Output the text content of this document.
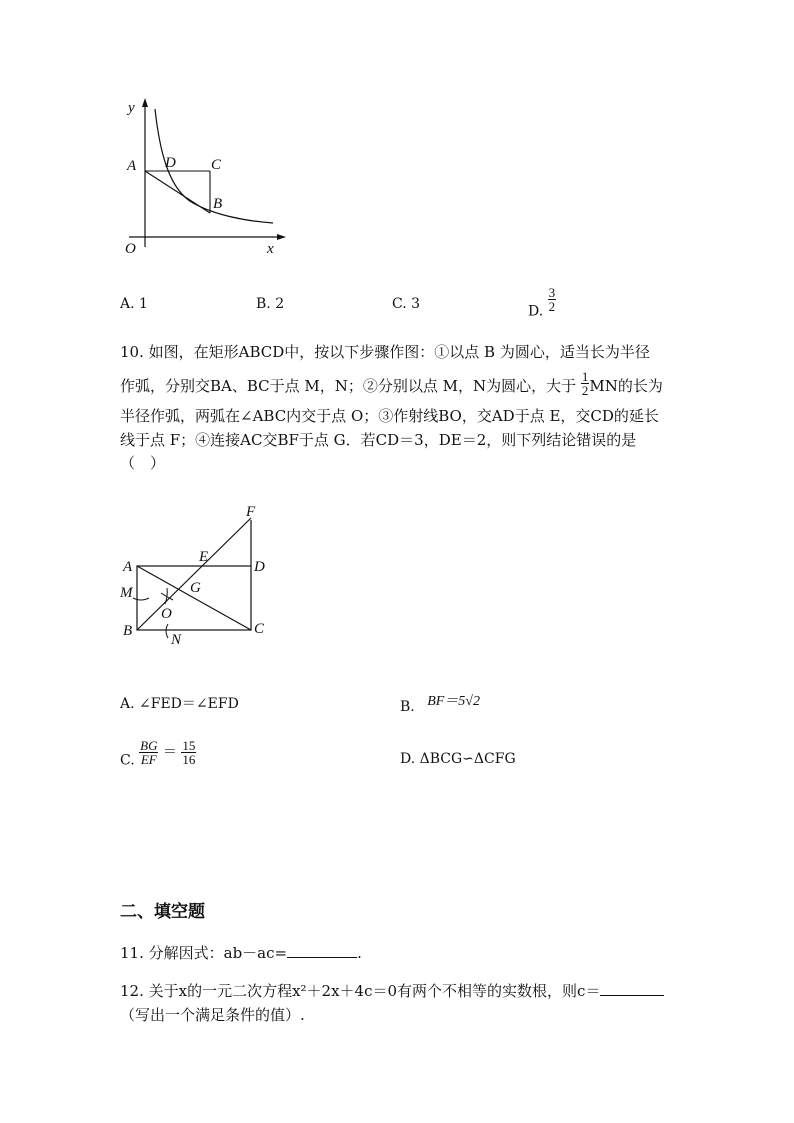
y
x
O
A D C
B
A. 1	B. 2	C. 3	D. $\frac{3}{2}$
10. 如图，在矩形ABCD中，按以下步骤作图：①以点 B 为圆心，适当长为半径
作弧，分别交BA、BC于点 M，N；②分别以点 M，N为圆心，大于 $\frac{1}{2}$ MN的长为
半径作弧，两弧在∠ABC内交于点 O；③作射线BO，交AD于点 E，交CD的延长
线于点 F；④连接AC交BF于点 G．若CD＝3，DE＝2，则下列结论错误的是
（　）
A	D
B	C
F
E
G
M
O
N
A. ∠FED＝∠EFD	B. BF＝5√2
C. $\frac{BG}{EF} = \frac{15}{16}$	D. ΔBCG∽ΔCFG
二、填空题
11. 分解因式：ab－ac=	.
12. 关于x的一元二次方程x²＋2x＋4c＝0有两个不相等的实数根，则c＝
（写出一个满足条件的值）.
